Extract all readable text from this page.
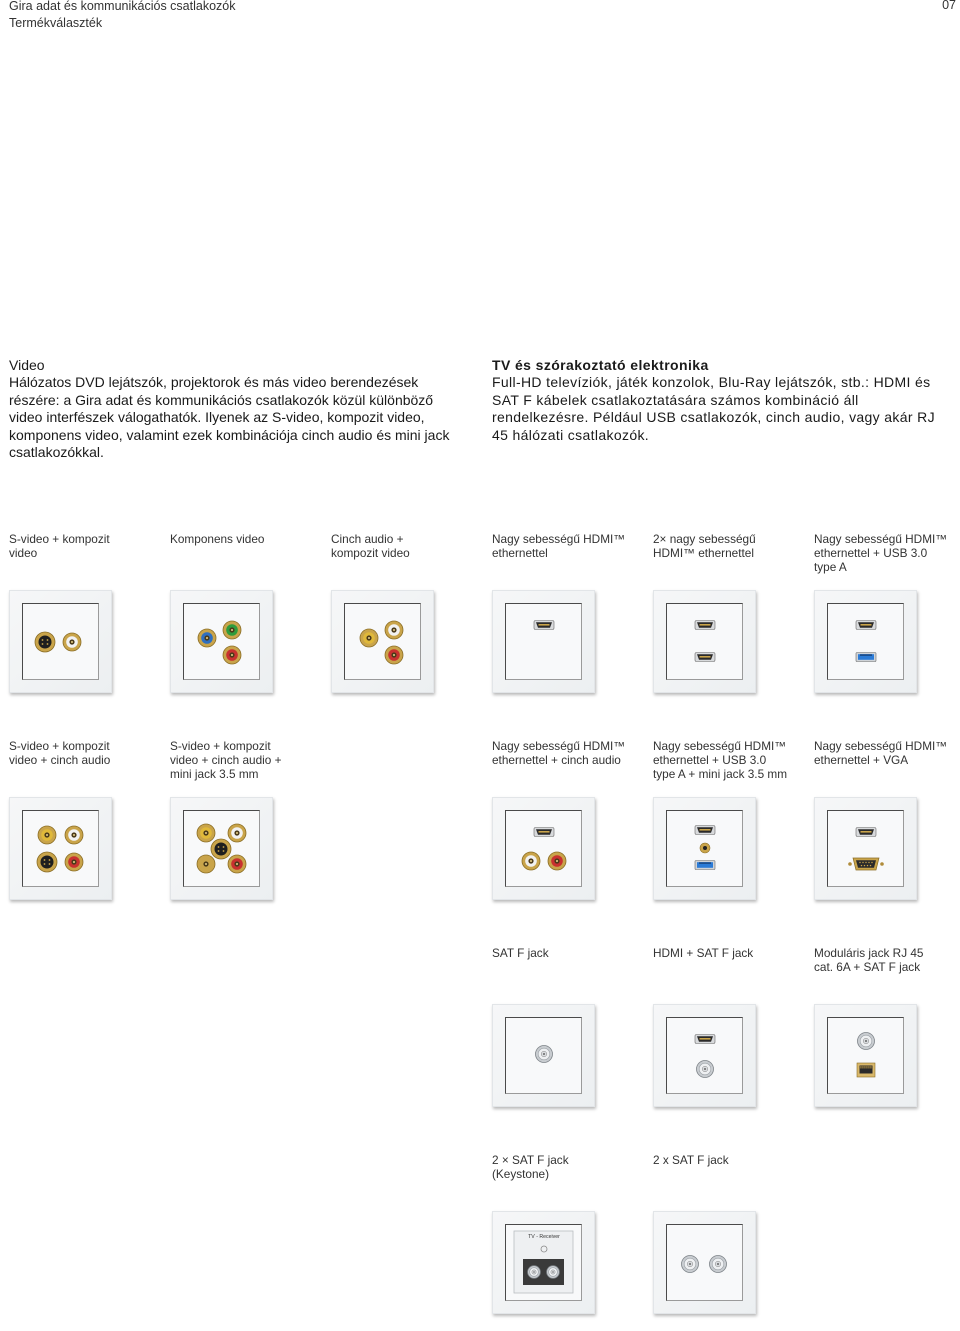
Gira adat és kommunikációs csatlakozók
Termékválaszték
07
Video

Hálózatos DVD lejátszók, projektorok és más video berendezések részére: a Gira adat és kommunikációs csatlakozók közül különböző video interfészek válogathatók. Ilyenek az S-video, kompozit video, komponens video, valamint ezek kombinációja cinch audio és mini jack csatlakozókkal.

TV és szórakoztató elektronika

Full-HD televíziók, játék konzolok, Blu-Ray lejátszók, stb.: HDMI és SAT F kábelek csatlakoztatására számos kombináció áll rendelkezésre. Például USB csatlakozók, cinch audio, vagy akár RJ 45 hálózati csatlakozók.

S-video + kompozit
video
Komponens video	Cinch audio +
kompozit video
Nagy sebességű HDMI™
ethernettel
2× nagy sebességű
HDMI™ ethernettel
Nagy sebességű HDMI™
ethernettel + USB 3.0
type A
S-video + kompozit
video + cinch audio
S-video + kompozit
video + cinch audio +
mini jack 3.5 mm
Nagy sebességű HDMI™
ethernettel + cinch audio
Nagy sebességű HDMI™
ethernettel + USB 3.0
type A + mini jack 3.5 mm
Nagy sebességű HDMI™
ethernettel + VGA
SAT F jack	HDMI + SAT F jack	Moduláris jack RJ 45
cat. 6A + SAT F jack
2 × SAT F jack
(Keystone)
TV - Receiver
2 x SAT F jack
